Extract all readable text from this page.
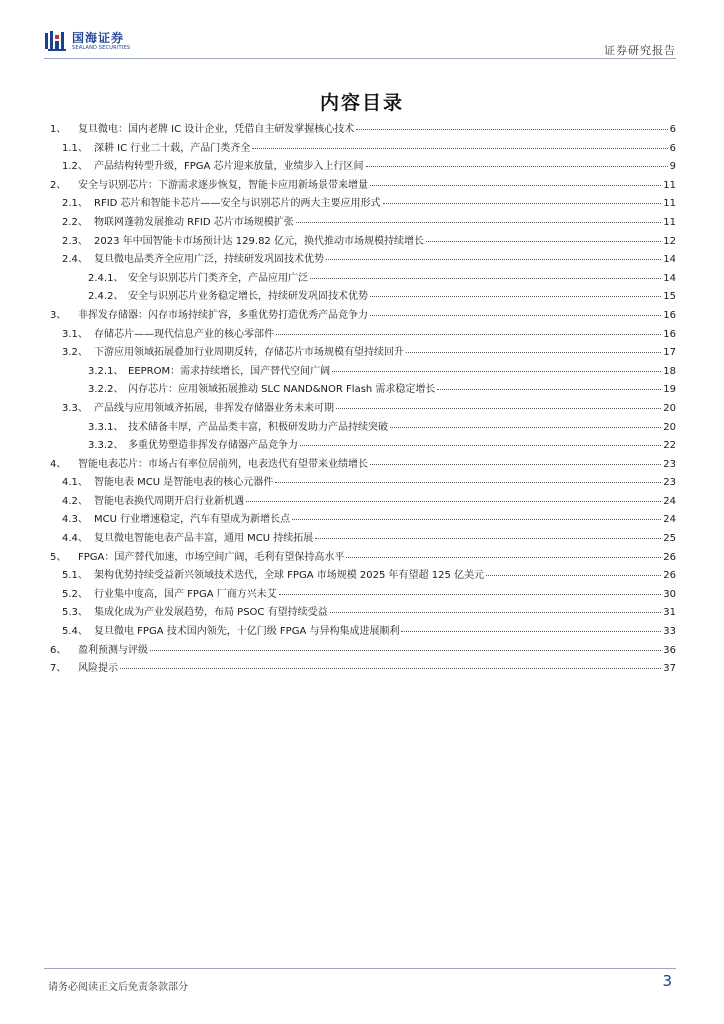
国海证券
SEALAND SECURITIES	证券研究报告
内容目录
1、	复旦微电：国内老牌 IC 设计企业，凭借自主研发掌握核心技术	6
1.1、 深耕 IC 行业二十载，产品门类齐全	6
1.2、 产品结构转型升级，FPGA 芯片迎来放量，业绩步入上行区间	9
2、	安全与识别芯片：下游需求逐步恢复，智能卡应用新场景带来增量	11
2.1、 RFID 芯片和智能卡芯片——安全与识别芯片的两大主要应用形式	11
2.2、 物联网蓬勃发展推动 RFID 芯片市场规模扩张	11
2.3、 2023 年中国智能卡市场预计达 129.82 亿元，换代推动市场规模持续增长	12
2.4、 复旦微电品类齐全应用广泛，持续研发巩固技术优势	14
2.4.1、 安全与识别芯片门类齐全，产品应用广泛	14
2.4.2、 安全与识别芯片业务稳定增长，持续研发巩固技术优势	15
3、	非挥发存储器：闪存市场持续扩容，多重优势打造优秀产品竞争力	16
3.1、 存储芯片——现代信息产业的核心零部件	16
3.2、 下游应用领域拓展叠加行业周期反转，存储芯片市场规模有望持续回升	17
3.2.1、 EEPROM：需求持续增长，国产替代空间广阔	18
3.2.2、 闪存芯片：应用领域拓展推动 SLC NAND&NOR Flash 需求稳定增长	19
3.3、 产品线与应用领域齐拓展，非挥发存储器业务未来可期	20
3.3.1、 技术储备丰厚，产品品类丰富，积极研发助力产品持续突破	20
3.3.2、 多重优势塑造非挥发存储器产品竞争力	22
4、	智能电表芯片：市场占有率位居前列，电表迭代有望带来业绩增长	23
4.1、 智能电表 MCU 是智能电表的核心元器件	23
4.2、 智能电表换代周期开启行业新机遇	24
4.3、 MCU 行业增速稳定，汽车有望成为新增长点	24
4.4、 复旦微电智能电表产品丰富，通用 MCU 持续拓展	25
5、	FPGA：国产替代加速，市场空间广阔，毛利有望保持高水平	26
5.1、 架构优势持续受益新兴领域技术迭代，全球 FPGA 市场规模 2025 年有望超 125 亿美元	26
5.2、 行业集中度高，国产 FPGA 厂商方兴未艾	30
5.3、 集成化成为产业发展趋势，布局 PSOC 有望持续受益	31
5.4、 复旦微电 FPGA 技术国内领先，十亿门级 FPGA 与异构集成进展顺利	33
6、	盈利预测与评级	36
7、	风险提示	37
请务必阅读正文后免责条款部分	3
